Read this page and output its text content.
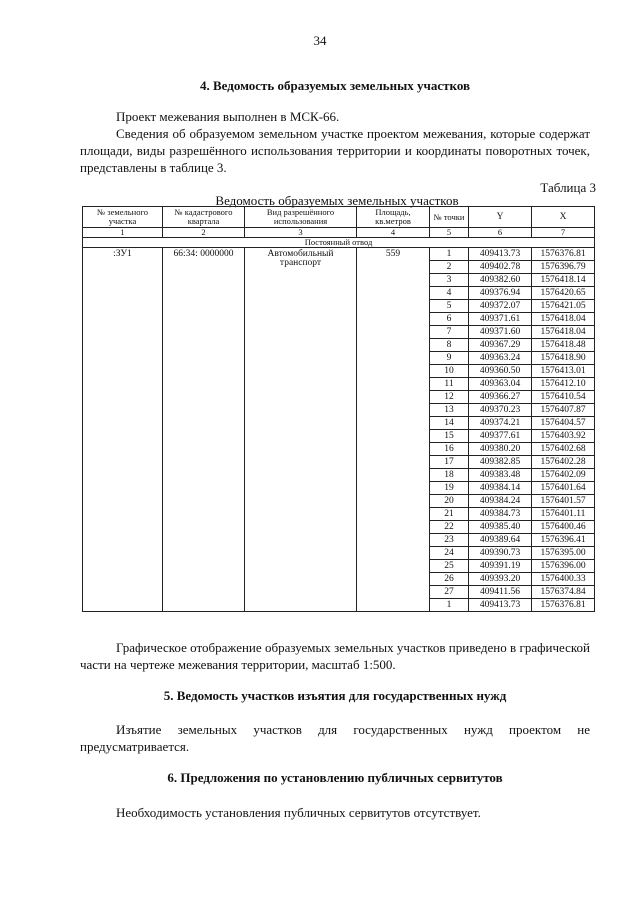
34
4. Ведомость образуемых земельных участков
Проект межевания выполнен в МСК-66.
Сведения об образуемом земельном участке проектом межевания, которые содержат площади, виды разрешённого использования территории и координаты поворотных точек, представлены в таблице 3.
Таблица 3
Ведомость образуемых земельных участков
№ земельного участка	№ кадастрового квартала	Вид разрешённого использования	Площадь, кв.метров	№ точки	Y	X
1	2	3	4	5	6	7
Постоянный отвод						
:ЗУ1	66:34: 0000000	Автомобильный транспорт	559	1	409413.73	1576376.81
				2	409402.78	1576396.79
				3	409382.60	1576418.14
				4	409376.94	1576420.65
				5	409372.07	1576421.05
				6	409371.61	1576418.04
				7	409371.60	1576418.04
				8	409367.29	1576418.48
				9	409363.24	1576418.90
				10	409360.50	1576413.01
				11	409363.04	1576412.10
				12	409366.27	1576410.54
				13	409370.23	1576407.87
				14	409374.21	1576404.57
				15	409377.61	1576403.92
				16	409380.20	1576402.68
				17	409382.85	1576402.28
				18	409383.48	1576402.09
				19	409384.14	1576401.64
				20	409384.24	1576401.57
				21	409384.73	1576401.11
				22	409385.40	1576400.46
				23	409389.64	1576396.41
				24	409390.73	1576395.00
				25	409391.19	1576396.00
				26	409393.20	1576400.33
				27	409411.56	1576374.84
				1	409413.73	1576376.81
Графическое отображение образуемых земельных участков приведено в графической части на чертеже межевания территории, масштаб 1:500.
5. Ведомость участков изъятия для государственных нужд
Изъятие земельных участков для государственных нужд проектом не предусматривается.
6. Предложения по установлению публичных сервитутов
Необходимость установления публичных сервитутов отсутствует.
